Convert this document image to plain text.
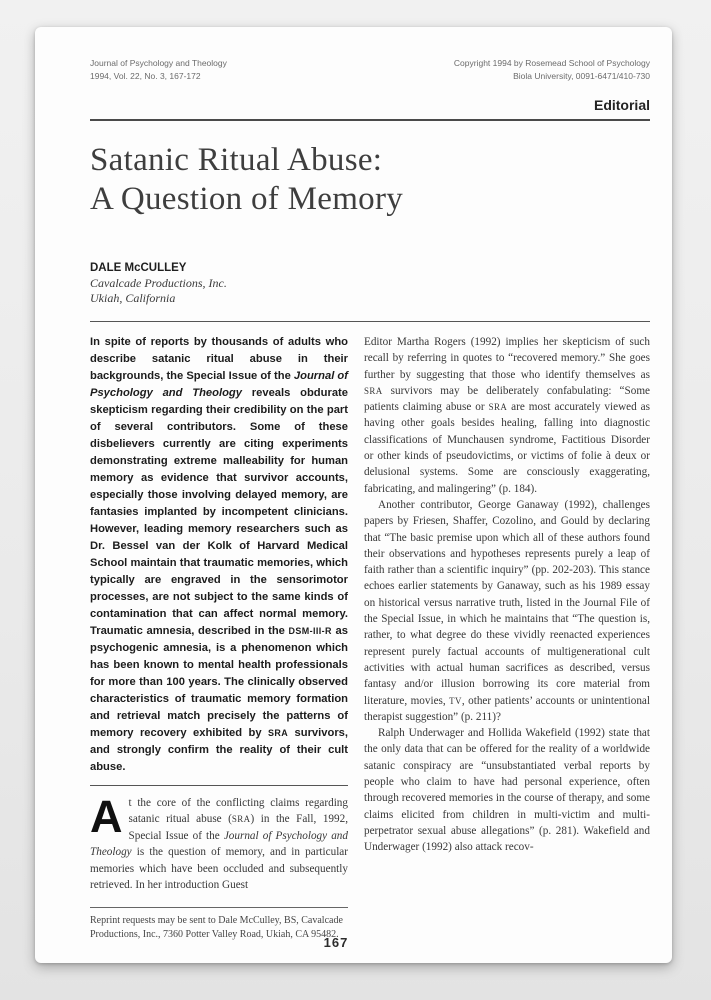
Journal of Psychology and Theology
1994, Vol. 22, No. 3, 167-172
Copyright 1994 by Rosemead School of Psychology
Biola University, 0091-6471/410-730
Editorial
Satanic Ritual Abuse:
A Question of Memory
DALE McCULLEY
Cavalcade Productions, Inc.
Ukiah, California

In spite of reports by thousands of adults who describe satanic ritual abuse in their backgrounds, the Special Issue of the Journal of Psychology and Theology reveals obdurate skepticism regarding their credibility on the part of several contributors. Some of these disbelievers currently are citing experiments demonstrating extreme malleability for human memory as evidence that survivor accounts, especially those involving delayed memory, are fantasies implanted by incompetent clinicians. However, leading memory researchers such as Dr. Bessel van der Kolk of Harvard Medical School maintain that traumatic memories, which typically are engraved in the sensorimotor processes, are not subject to the same kinds of contamination that can affect normal memory. Traumatic amnesia, described in the DSM-III-R as psychogenic amnesia, is a phenomenon which has been known to mental health professionals for more than 100 years. The clinically observed characteristics of traumatic memory formation and retrieval match precisely the patterns of memory recovery exhibited by SRA survivors, and strongly confirm the reality of their cult abuse.

At the core of the conflicting claims regarding satanic ritual abuse (SRA) in the Fall, 1992, Special Issue of the Journal of Psychology and Theology is the question of memory, and in particular memories which have been occluded and subsequently retrieved. In her introduction Guest

Reprint requests may be sent to Dale McCulley, BS, Cavalcade Productions, Inc., 7360 Potter Valley Road, Ukiah, CA 95482.

Editor Martha Rogers (1992) implies her skepticism of such recall by referring in quotes to “recovered memory.” She goes further by suggesting that those who identify themselves as SRA survivors may be deliberately confabulating: “Some patients claiming abuse or SRA are most accurately viewed as having other goals besides healing, falling into diagnostic classifications of Munchausen syndrome, Factitious Disorder or other kinds of pseudovictims, or victims of folie à deux or delusional systems. Some are consciously exaggerating, fabricating, and malingering” (p. 184).

Another contributor, George Ganaway (1992), challenges papers by Friesen, Shaffer, Cozolino, and Gould by declaring that “The basic premise upon which all of these authors found their observations and hypotheses represents purely a leap of faith rather than a scientific inquiry” (pp. 202-203). This stance echoes earlier statements by Ganaway, such as his 1989 essay on historical versus narrative truth, listed in the Journal File of the Special Issue, in which he maintains that “The question is, rather, to what degree do these vividly reenacted experiences represent purely factual accounts of multigenerational cult activities with actual human sacrifices as described, versus fantasy and/or illusion borrowing its core material from literature, movies, TV, other patients’ accounts or unintentional therapist suggestion” (p. 211)?

Ralph Underwager and Hollida Wakefield (1992) state that the only data that can be offered for the reality of a worldwide satanic conspiracy are “unsubstantiated verbal reports by people who claim to have had personal experience, often through recovered memories in the course of therapy, and some claims elicited from children in multi-victim and multi-perpetrator sexual abuse allegations” (p. 281). Wakefield and Underwager (1992) also attack recov-

167
